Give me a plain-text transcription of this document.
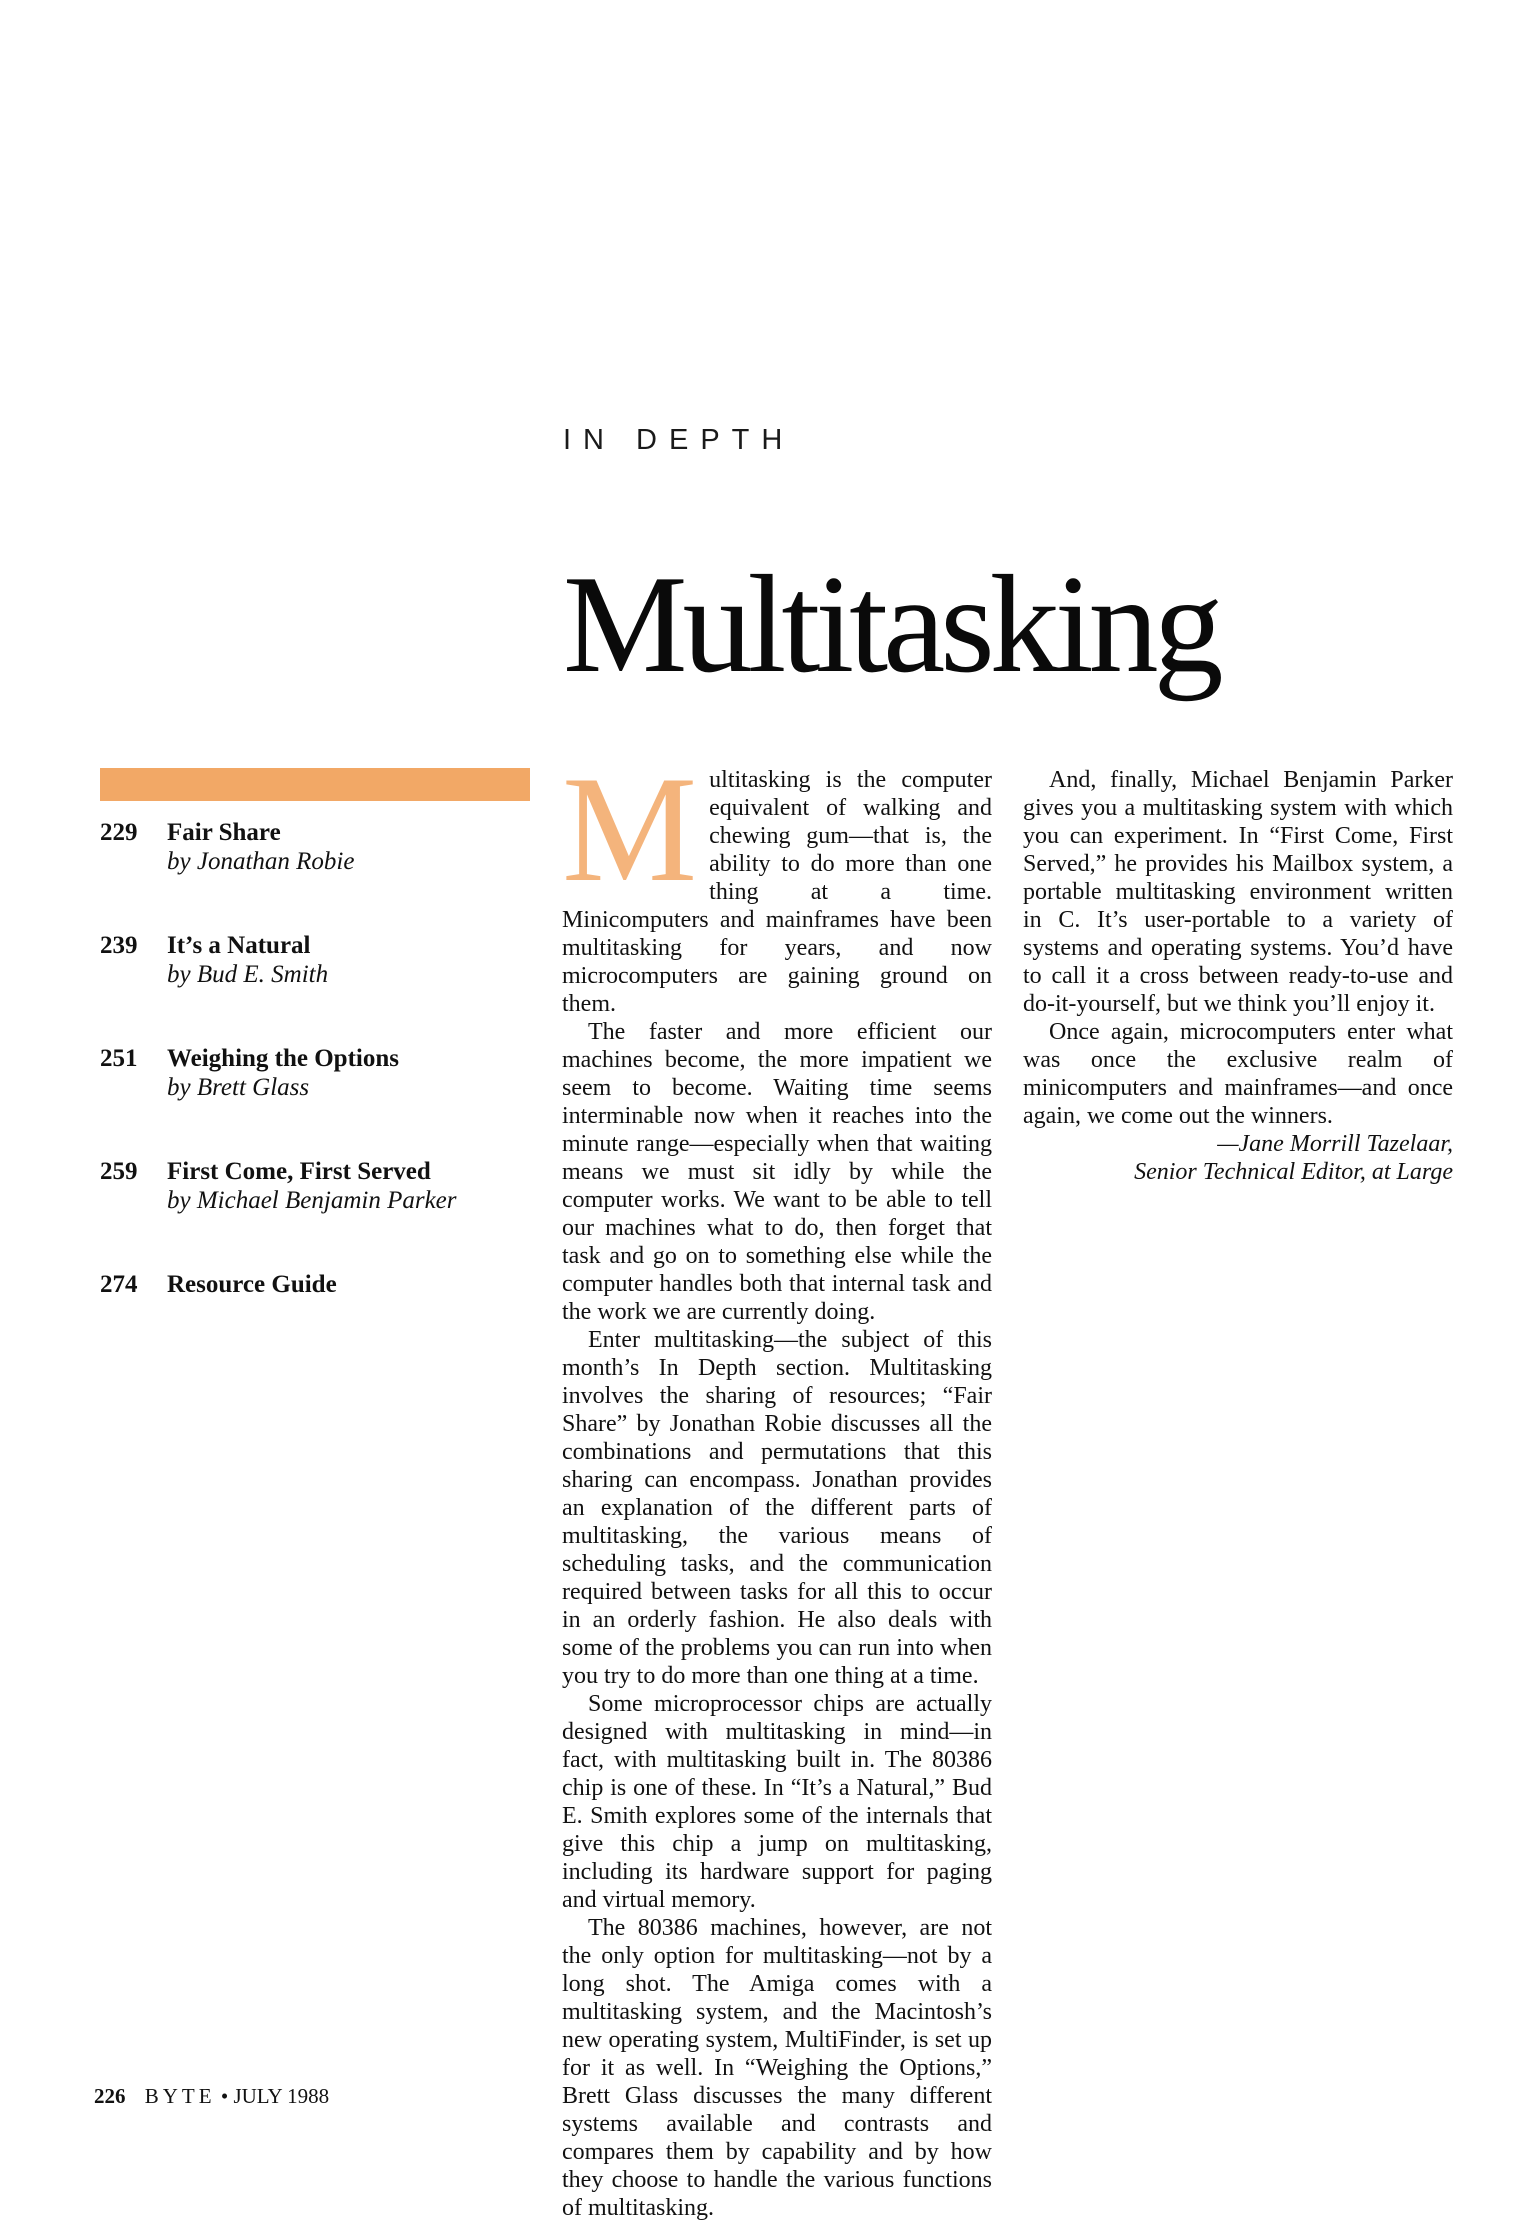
IN DEPTH
Multitasking
229 Fair Share
by Jonathan Robie
239 It’s a Natural
by Bud E. Smith
251 Weighing the Options
by Brett Glass
259 First Come, First Served
by Michael Benjamin Parker
274 Resource Guide

Multitasking is the computer equivalent of walking and chewing gum—that is, the ability to do more than one thing at a time. Minicomputers and mainframes have been multitasking for years, and now microcomputers are gaining ground on them.

The faster and more efficient our machines become, the more impatient we seem to become. Waiting time seems interminable now when it reaches into the minute range—especially when that waiting means we must sit idly by while the computer works. We want to be able to tell our machines what to do, then forget that task and go on to something else while the computer handles both that internal task and the work we are currently doing.

Enter multitasking—the subject of this month’s In Depth section. Multitasking involves the sharing of resources; “Fair Share” by Jonathan Robie discusses all the combinations and permutations that this sharing can encompass. Jonathan provides an explanation of the different parts of multitasking, the various means of scheduling tasks, and the communication required between tasks for all this to occur in an orderly fashion. He also deals with some of the problems you can run into when you try to do more than one thing at a time.

Some microprocessor chips are actually designed with multitasking in mind—in fact, with multitasking built in. The 80386 chip is one of these. In “It’s a Natural,” Bud E. Smith explores some of the internals that give this chip a jump on multitasking, including its hardware support for paging and virtual memory.

The 80386 machines, however, are not the only option for multitasking—not by a long shot. The Amiga comes with a multitasking system, and the Macintosh’s new operating system, MultiFinder, is set up for it as well. In “Weighing the Options,” Brett Glass discusses the many different systems available and contrasts and compares them by capability and by how they choose to handle the various functions of multitasking.

And, finally, Michael Benjamin Parker gives you a multitasking system with which you can experiment. In “First Come, First Served,” he provides his Mailbox system, a portable multitasking environment written in C. It’s user-portable to a variety of systems and operating systems. You’d have to call it a cross between ready-to-use and do-it-yourself, but we think you’ll enjoy it.

Once again, microcomputers enter what was once the exclusive realm of minicomputers and mainframes—and once again, we come out the winners.

—Jane Morrill Tazelaar,

Senior Technical Editor, at Large

226 BYTE • JULY 1988
